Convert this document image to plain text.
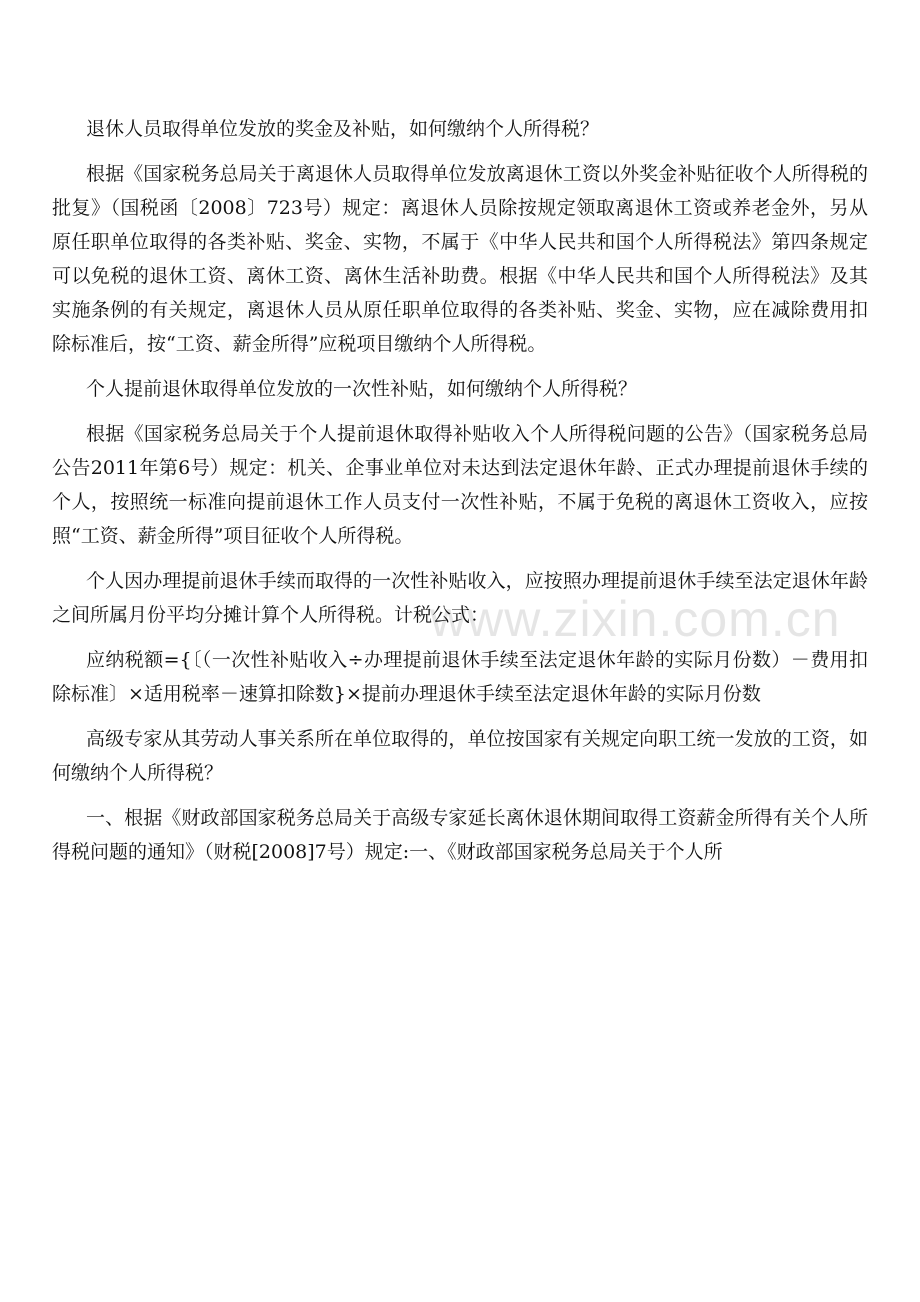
退休人员取得单位发放的奖金及补贴，如何缴纳个人所得税？

根据《国家税务总局关于离退休人员取得单位发放离退休工资以外奖金补贴征收个人所得税的批复》（国税函〔2008〕723号）规定：离退休人员除按规定领取离退休工资或养老金外，另从原任职单位取得的各类补贴、奖金、实物，不属于《中华人民共和国个人所得税法》第四条规定可以免税的退休工资、离休工资、离休生活补助费。根据《中华人民共和国个人所得税法》及其实施条例的有关规定，离退休人员从原任职单位取得的各类补贴、奖金、实物，应在减除费用扣除标准后，按“工资、薪金所得”应税项目缴纳个人所得税。

个人提前退休取得单位发放的一次性补贴，如何缴纳个人所得税？

根据《国家税务总局关于个人提前退休取得补贴收入个人所得税问题的公告》（国家税务总局公告2011年第6号）规定：机关、企事业单位对未达到法定退休年龄、正式办理提前退休手续的个人，按照统一标准向提前退休工作人员支付一次性补贴，不属于免税的离退休工资收入，应按照“工资、薪金所得”项目征收个人所得税。

个人因办理提前退休手续而取得的一次性补贴收入，应按照办理提前退休手续至法定退休年龄之间所属月份平均分摊计算个人所得税。计税公式：

应纳税额={〔（一次性补贴收入÷办理提前退休手续至法定退休年龄的实际月份数）－费用扣除标准〕×适用税率－速算扣除数}×提前办理退休手续至法定退休年龄的实际月份数

高级专家从其劳动人事关系所在单位取得的，单位按国家有关规定向职工统一发放的工资，如何缴纳个人所得税？

一、根据《财政部国家税务总局关于高级专家延长离休退休期间取得工资薪金所得有关个人所得税问题的通知》（财税[2008]7号）规定:一、《财政部国家税务总局关于个人所

www.zixin.com.cn
